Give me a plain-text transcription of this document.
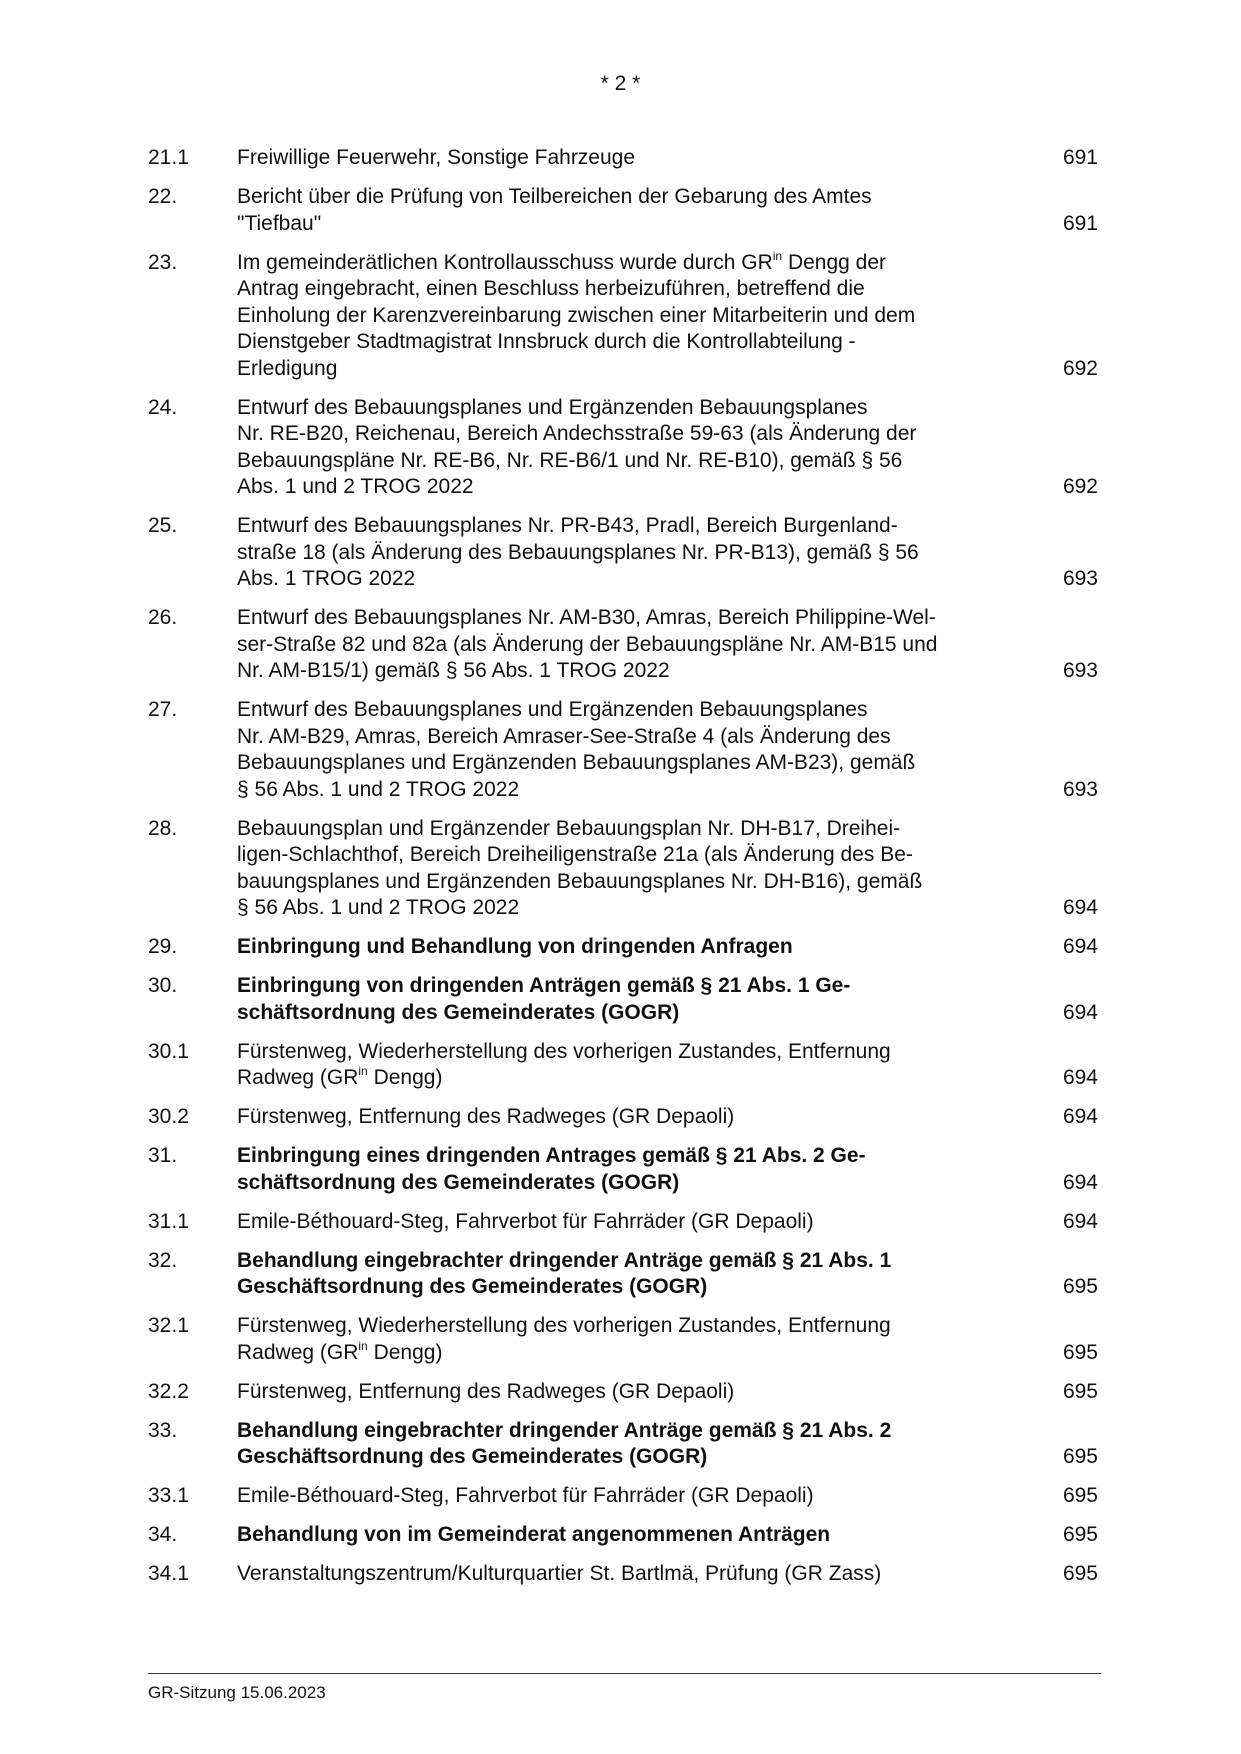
* 2 *
21.1	Freiwillige Feuerwehr, Sonstige Fahrzeuge	691
22.	Bericht über die Prüfung von Teilbereichen der Gebarung des Amtes
"Tiefbau"	691
23.	Im gemeinderätlichen Kontrollausschuss wurde durch $GR^{in}$ Dengg der
Antrag eingebracht, einen Beschluss herbeizuführen, betreffend die
Einholung der Karenzvereinbarung zwischen einer Mitarbeiterin und dem
Dienstgeber Stadtmagistrat Innsbruck durch die Kontrollabteilung -
Erledigung	692
24.	Entwurf des Bebauungsplanes und Ergänzenden Bebauungsplanes
Nr. RE-B20, Reichenau, Bereich Andechsstraße 59-63 (als Änderung der
Bebauungspläne Nr. RE-B6, Nr. RE-B6/1 und Nr. RE-B10), gemäß § 56
Abs. 1 und 2 TROG 2022	692
25.	Entwurf des Bebauungsplanes Nr. PR-B43, Pradl, Bereich Burgenland-
straße 18 (als Änderung des Bebauungsplanes Nr. PR-B13), gemäß § 56
Abs. 1 TROG 2022	693
26.	Entwurf des Bebauungsplanes Nr. AM-B30, Amras, Bereich Philippine-Wel-
ser-Straße 82 und 82a (als Änderung der Bebauungspläne Nr. AM-B15 und
Nr. AM-B15/1) gemäß § 56 Abs. 1 TROG 2022	693
27.	Entwurf des Bebauungsplanes und Ergänzenden Bebauungsplanes
Nr. AM-B29, Amras, Bereich Amraser-See-Straße 4 (als Änderung des
Bebauungsplanes und Ergänzenden Bebauungsplanes AM-B23), gemäß
§ 56 Abs. 1 und 2 TROG 2022	693
28.	Bebauungsplan und Ergänzender Bebauungsplan Nr. DH-B17, Dreihei-
ligen-Schlachthof, Bereich Dreiheiligenstraße 21a (als Änderung des Be-
bauungsplanes und Ergänzenden Bebauungsplanes Nr. DH-B16), gemäß
§ 56 Abs. 1 und 2 TROG 2022	694
29.	Einbringung und Behandlung von dringenden Anfragen	694
30.	Einbringung von dringenden Anträgen gemäß § 21 Abs. 1 Ge-
schäftsordnung des Gemeinderates (GOGR)	694
30.1	Fürstenweg, Wiederherstellung des vorherigen Zustandes, Entfernung
Radweg ($GR^{in}$ Dengg)	694
30.2	Fürstenweg, Entfernung des Radweges (GR Depaoli)	694
31.	Einbringung eines dringenden Antrages gemäß § 21 Abs. 2 Ge-
schäftsordnung des Gemeinderates (GOGR)	694
31.1	Emile-Béthouard-Steg, Fahrverbot für Fahrräder (GR Depaoli)	694
32.	Behandlung eingebrachter dringender Anträge gemäß § 21 Abs. 1
Geschäftsordnung des Gemeinderates (GOGR)	695
32.1	Fürstenweg, Wiederherstellung des vorherigen Zustandes, Entfernung
Radweg ($GR^{in}$ Dengg)	695
32.2	Fürstenweg, Entfernung des Radweges (GR Depaoli)	695
33.	Behandlung eingebrachter dringender Anträge gemäß § 21 Abs. 2
Geschäftsordnung des Gemeinderates (GOGR)	695
33.1	Emile-Béthouard-Steg, Fahrverbot für Fahrräder (GR Depaoli)	695
34.	Behandlung von im Gemeinderat angenommenen Anträgen	695
34.1	Veranstaltungszentrum/Kulturquartier St. Bartlmä, Prüfung (GR Zass)	695
GR-Sitzung 15.06.2023
